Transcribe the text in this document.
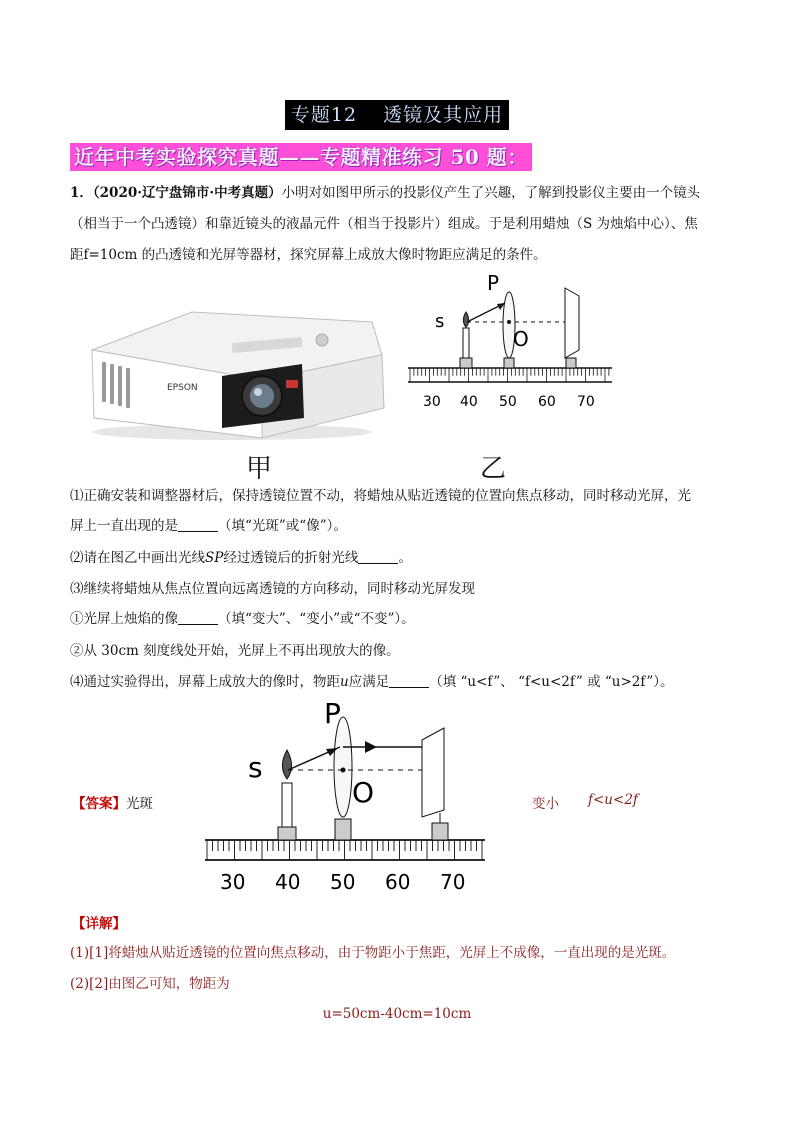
专题12 透镜及其应用
近年中考实验探究真题——专题精准练习 50 题：
1．（2020·辽宁盘锦市·中考真题）小明对如图甲所示的投影仪产生了兴趣，了解到投影仪主要由一个镜头
（相当于一个凸透镜）和靠近镜头的液晶元件（相当于投影片）组成。于是利用蜡烛（S 为烛焰中心）、焦
距f=10cm 的凸透镜和光屏等器材，探究屏幕上成放大像时物距应满足的条件。
EPSON
s
P
O
30 40 50 60 70
甲	乙
⑴正确安装和调整器材后，保持透镜位置不动，将蜡烛从贴近透镜的位置向焦点移动，同时移动光屏，光
屏上一直出现的是	（填“光斑”或“像”）。
⑵请在图乙中画出光线SP经过透镜后的折射光线	。
⑶继续将蜡烛从焦点位置向远离透镜的方向移动，同时移动光屏发现
①光屏上烛焰的像	（填“变大”、“变小”或“不变”）。
②从 30cm 刻度线处开始，光屏上不再出现放大的像。
⑷通过实验得出，屏幕上成放大的像时，物距u应满足	（填 “u<f”、 “f<u<2f” 或 “u>2f”）。
s
P
O
30 40 50 60 70
【答案】光斑	变小 f<u<2f
【详解】
(1)[1]将蜡烛从贴近透镜的位置向焦点移动，由于物距小于焦距，光屏上不成像，一直出现的是光斑。
(2)[2]由图乙可知，物距为
u=50cm-40cm=10cm
